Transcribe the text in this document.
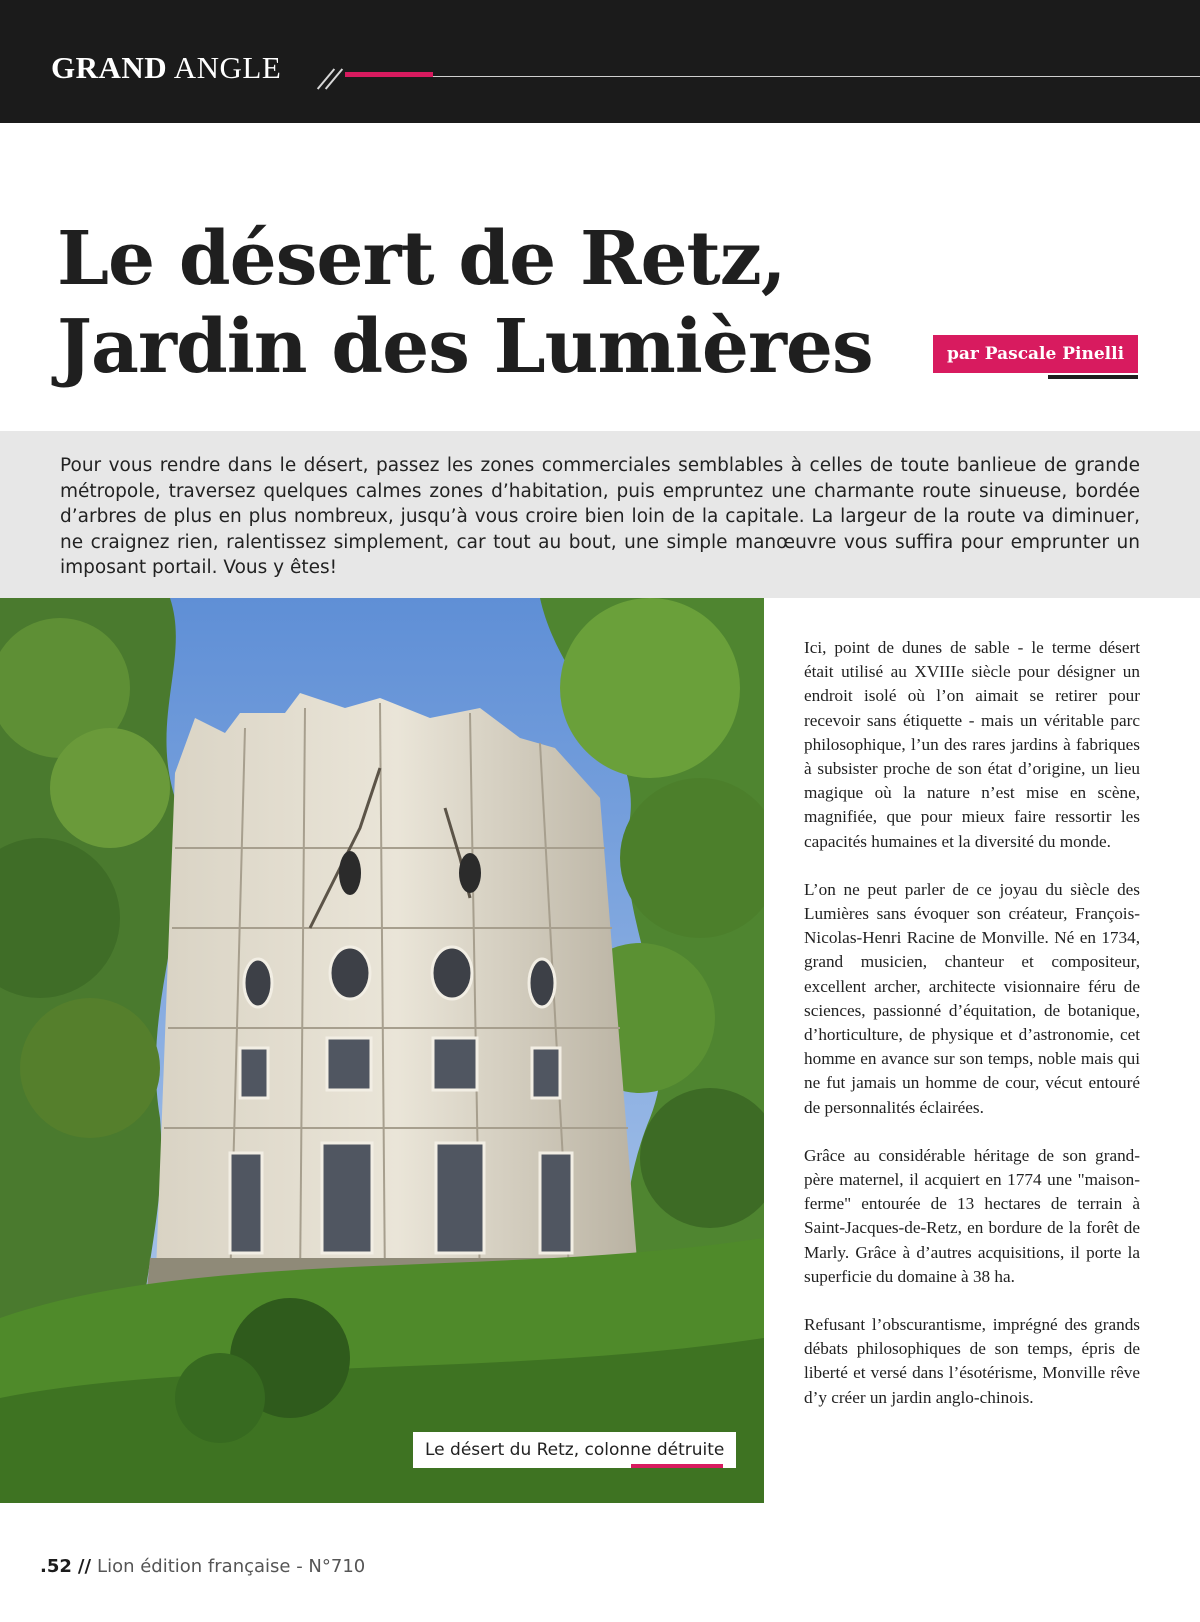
GRAND ANGLE
Le désert de Retz,
Jardin des Lumières	par Pascale Pinelli

Pour vous rendre dans le désert, passez les zones commerciales semblables à celles de toute banlieue de grande métropole, traversez quelques calmes zones d’habitation, puis empruntez une charmante route sinueuse, bordée d’arbres de plus en plus nombreux, jusqu’à vous croire bien loin de la capitale. La largeur de la route va diminuer, ne craignez rien, ralentissez simplement, car tout au bout, une simple manœuvre vous suffira pour emprunter un imposant portail. Vous y êtes!

Le désert du Retz, colonne détruite

Ici, point de dunes de sable - le terme désert était utilisé au XVIIIe siècle pour désigner un endroit isolé où l’on aimait se retirer pour recevoir sans étiquette - mais un véritable parc philosophique, l’un des rares jardins à fabriques à subsister proche de son état d’origine, un lieu magique où la nature n’est mise en scène, magnifiée, que pour mieux faire ressortir les capacités humaines et la diversité du monde.

L’on ne peut parler de ce joyau du siècle des Lumières sans évoquer son créateur, François-Nicolas-Henri Racine de Monville. Né en 1734, grand musicien, chanteur et compositeur, excellent archer, architecte visionnaire féru de sciences, passionné d’équitation, de botanique, d’horticulture, de physique et d’astronomie, cet homme en avance sur son temps, noble mais qui ne fut jamais un homme de cour, vécut entouré de personnalités éclairées.

Grâce au considérable héritage de son grand-père maternel, il acquiert en 1774 une "maison-ferme" entourée de 13 hectares de terrain à Saint-Jacques-de-Retz, en bordure de la forêt de Marly. Grâce à d’autres acquisitions, il porte la superficie du domaine à 38 ha.

Refusant l’obscurantisme, imprégné des grands débats philosophiques de son temps, épris de liberté et versé dans l’ésotérisme, Monville rêve d’y créer un jardin anglo-chinois.

.52 // Lion édition française - N°710
